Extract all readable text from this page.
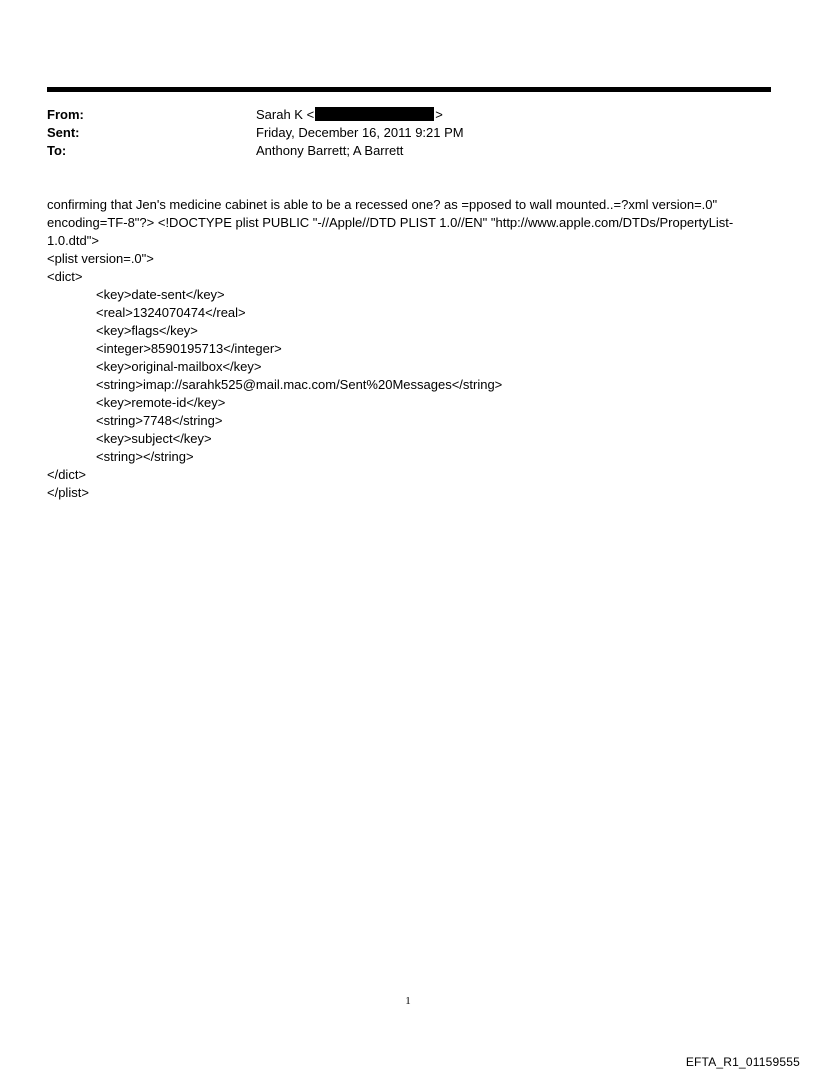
From:	Sarah K <	>
Sent:	Friday, December 16, 2011 9:21 PM
To:	Anthony Barrett; A Barrett
confirming that Jen's medicine cabinet is able to be a recessed one? as =pposed to wall mounted..=?xml version=.0" encoding=TF-8"?> <!DOCTYPE plist PUBLIC "-//Apple//DTD PLIST 1.0//EN" "http://www.apple.com/DTDs/PropertyList-1.0.dtd">
<plist version=.0">
<dict>
<key>date-sent</key>
<real>1324070474</real>
<key>flags</key>
<integer>8590195713</integer>
<key>original-mailbox</key>
<string>imap://sarahk525@mail.mac.com/Sent%20Messages</string>
<key>remote-id</key>
<string>7748</string>
<key>subject</key>
<string></string>
</dict>
</plist>
1
EFTA_R1_01159555
